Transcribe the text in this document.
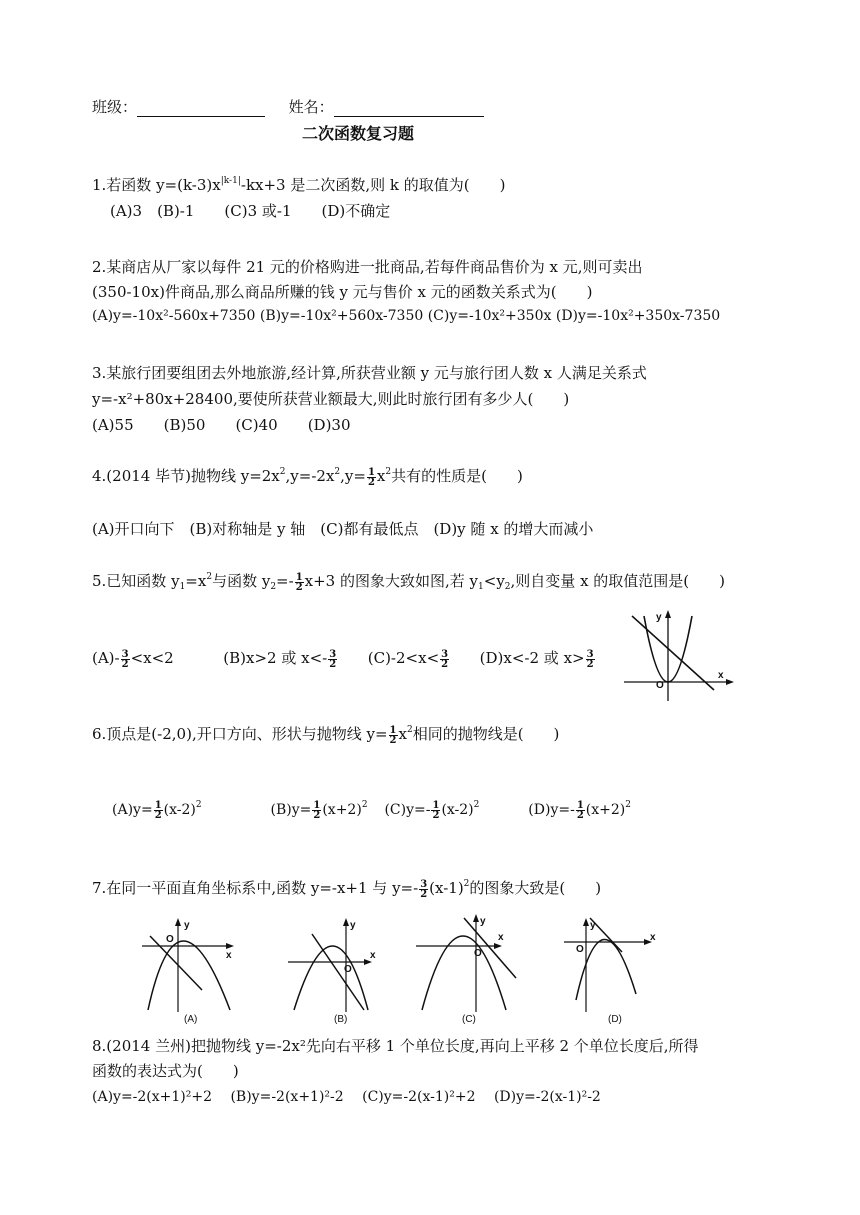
班级：	姓名：
二次函数复习题
1.若函数 $y=(k-3)x^{|k-1|}-kx+3$ 是二次函数,则 k 的取值为(　　)
(A)3　(B)-1　　(C)3 或-1　　(D)不确定
2.某商店从厂家以每件 21 元的价格购进一批商品,若每件商品售价为 x 元,则可卖出
(350-10x)件商品,那么商品所赚的钱 y 元与售价 x 元的函数关系式为(　　)
(A)y=-10x²-560x+7350 (B)y=-10x²+560x-7350 (C)y=-10x²+350x (D)y=-10x²+350x-7350
3.某旅行团要组团去外地旅游,经计算,所获营业额 y 元与旅行团人数 x 人满足关系式
y=-x²+80x+28400,要使所获营业额最大,则此时旅行团有多少人(　　)
(A)55　　(B)50　　(C)40　　(D)30
4.(2014 毕节)抛物线 $y=2x^2,y=-2x^2,y= \frac{1}{2} x^2$共有的性质是(　　)
(A)开口向下　(B)对称轴是 y 轴　(C)都有最低点　(D)y 随 x 的增大而减小
5.已知函数 $y_1=x^2$与函数 $y_2=- \frac{1}{2} x+3$ 的图象大致如图,若 $y_1<y_2$,则自变量 x 的取值范围是(　　)
$(A)- \frac{3}{2} <x<2$	(B)x>2 或 $x<- \frac{3}{2} (C)-2<x< \frac{3}{2} (D)x<-2$ 或 $x> \frac{3}{2}$
y
O
x
6.顶点是(-2,0),开口方向、形状与抛物线 $y= \frac{1}{2} x^2$相同的抛物线是(　　)
$(A)y= \frac{1}{2} (x-2)^2$	$(B)y= \frac{1}{2} (x+2)^2$ $(C)y=- \frac{1}{2} (x-2)^2$	$(D)y=- \frac{1}{2} (x+2)^2$
7.在同一平面直角坐标系中,函数 y=-x+1 与 $y=- \frac{3}{2} (x-1)^2$的图象大致是(　　)
y
O
x
(A)
y
O
x
(B)
y
O
x
(C)
y
O
x
(D)
8.(2014 兰州)把抛物线 y=-2x²先向右平移 1 个单位长度,再向上平移 2 个单位长度后,所得
函数的表达式为(　　)
(A)y=-2(x+1)²+2　 (B)y=-2(x+1)²-2　 (C)y=-2(x-1)²+2　 (D)y=-2(x-1)²-2
